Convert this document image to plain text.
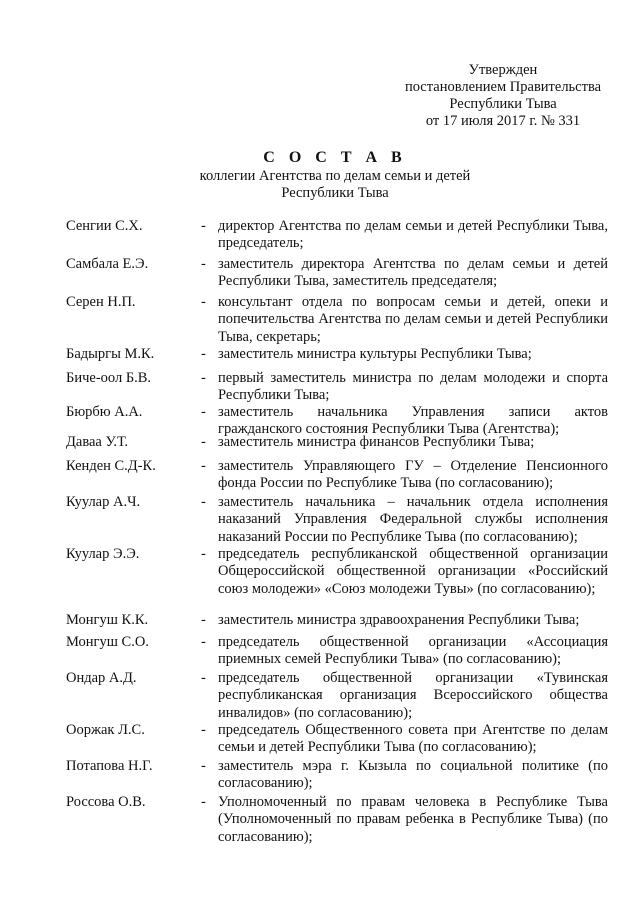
Утвержден
постановлением Правительства
Республики Тыва
от 17 июля 2017 г. № 331
С О С Т А В
коллегии Агентства по делам семьи и детей
Республики Тыва
Сенгии С.Х.	- директор Агентства по делам семьи и детей Республики Тыва, председатель;
Самбала Е.Э.	- заместитель директора Агентства по делам семьи и детей Республики Тыва, заместитель председателя;
Серен Н.П.	- консультант отдела по вопросам семьи и детей, опеки и попечительства Агентства по делам семьи и детей Республики Тыва, секретарь;
Бадыргы М.К.	- заместитель министра культуры Республики Тыва;
Биче-оол Б.В.	- первый заместитель министра по делам молодежи и спорта Республики Тыва;
Бюрбю А.А.	- заместитель начальника Управления записи актов гражданского состояния Республики Тыва (Агентства);
Даваа У.Т.	- заместитель министра финансов Республики Тыва;
Кенден С.Д-К.	- заместитель Управляющего ГУ – Отделение Пенсионного фонда России по Республике Тыва (по согласованию);
Куулар А.Ч.	- заместитель начальника – начальник отдела исполнения наказаний Управления Федеральной службы исполнения наказаний России по Республике Тыва (по согласованию);
Куулар Э.Э.	- председатель республиканской общественной организации Общероссийской общественной организации «Российский союз молодежи» «Союз молодежи Тувы» (по согласованию);
Монгуш К.К.	- заместитель министра здравоохранения Республики Тыва;
Монгуш С.О.	- председатель общественной организации «Ассоциация приемных семей Республики Тыва» (по согласованию);
Ондар А.Д.	- председатель общественной организации «Тувинская республиканская организация Всероссийского общества инвалидов» (по согласованию);
Ооржак Л.С.	- председатель Общественного совета при Агентстве по делам семьи и детей Республики Тыва (по согласованию);
Потапова Н.Г.	- заместитель мэра г. Кызыла по социальной политике (по согласованию);
Россова О.В.	- Уполномоченный по правам человека в Республике Тыва (Уполномоченный по правам ребенка в Республике Тыва) (по согласованию);
